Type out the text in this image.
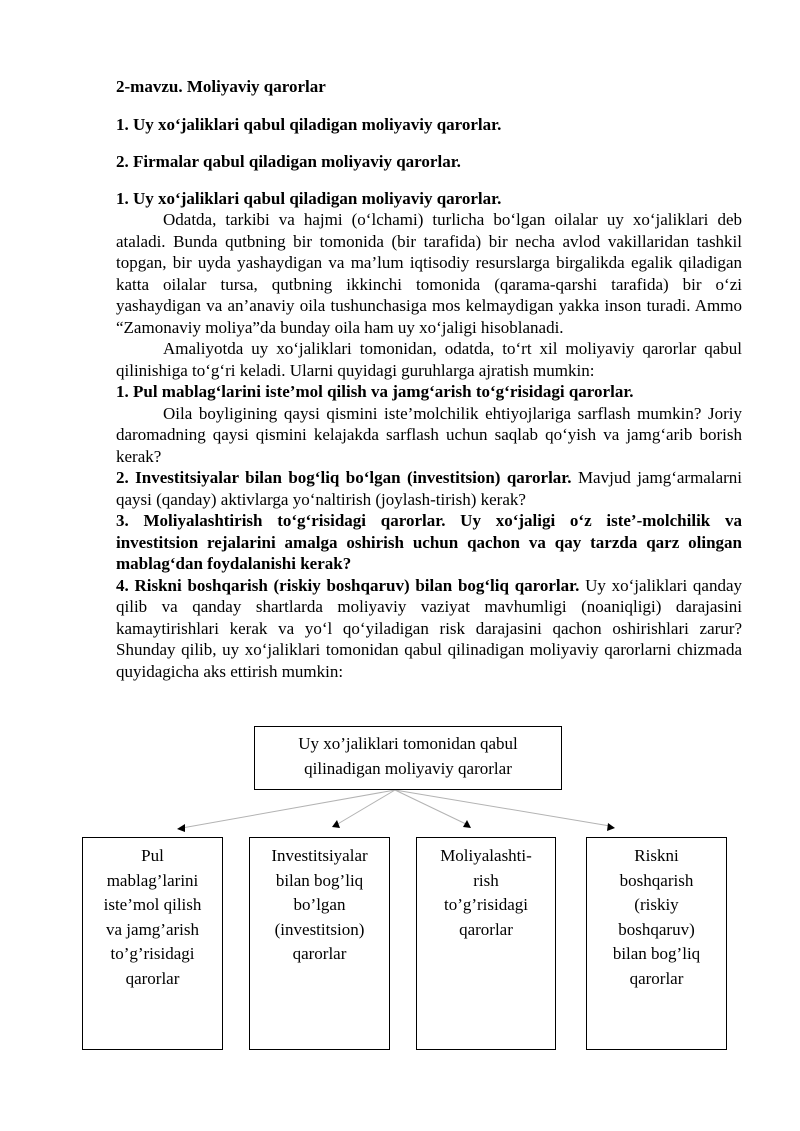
2-mavzu. Moliyaviy qarorlar
1. Uy xo‘jaliklari qabul qiladigan moliyaviy qarorlar.
2. Firmalar qabul qiladigan moliyaviy qarorlar.
1. Uy xo‘jaliklari qabul qiladigan moliyaviy qarorlar.

Odatda, tarkibi va hajmi (o‘lchami) turlicha bo‘lgan oilalar uy xo‘jaliklari deb ataladi. Bunda qutbning bir tomonida (bir tarafida) bir necha avlod vakillaridan tashkil topgan, bir uyda yashaydigan va ma’lum iqtisodiy resurslarga birgalikda egalik qiladigan katta oilalar tursa, qutbning ikkinchi tomonida (qarama-qarshi tarafida) bir o‘zi yashaydigan va an’anaviy oila tushunchasiga mos kelmaydigan yakka inson turadi. Ammo “Zamonaviy moliya”da bunday oila ham uy xo‘jaligi hisoblanadi.

Amaliyotda uy xo‘jaliklari tomonidan, odatda, to‘rt xil moliyaviy qarorlar qabul qilinishiga to‘g‘ri keladi. Ularni quyidagi guruhlarga ajratish mumkin:

1. Pul mablag‘larini iste’mol qilish va jamg‘arish to‘g‘risidagi qarorlar.

Oila boyligining qaysi qismini iste’molchilik ehtiyojlariga sarflash mumkin? Joriy daromadning qaysi qismini kelajakda sarflash uchun saqlab qo‘yish va jamg‘arib borish kerak?

2. Investitsiyalar bilan bog‘liq bo‘lgan (investitsion) qarorlar. Mavjud jamg‘armalarni qaysi (qanday) aktivlarga yo‘naltirish (joylash-tirish) kerak?

3. Moliyalashtirish to‘g‘risidagi qarorlar. Uy xo‘jaligi o‘z iste’-molchilik va investitsion rejalarini amalga oshirish uchun qachon va qay tarzda qarz olingan mablag‘dan foydalanishi kerak?

4. Riskni boshqarish (riskiy boshqaruv) bilan bog‘liq qarorlar. Uy xo‘jaliklari qanday qilib va qanday shartlarda moliyaviy vaziyat mavhumligi (noaniqligi) darajasini kamaytirishlari kerak va yo‘l qo‘yiladigan risk darajasini qachon oshirishlari zarur? Shunday qilib, uy xo‘jaliklari tomonidan qabul qilinadigan moliyaviy qarorlarni chizmada quyidagicha aks ettirish mumkin:

Uy xo’jaliklari tomonidan qabul
qilinadigan moliyaviy qarorlar
Pul
mablag’larini
iste’mol qilish
va jamg’arish
to’g’risidagi
qarorlar
Investitsiyalar
bilan bog’liq
bo’lgan
(investitsion)
qarorlar
Moliyalashti-
rish
to’g’risidagi
qarorlar
Riskni
boshqarish
(riskiy
boshqaruv)
bilan bog’liq
qarorlar
